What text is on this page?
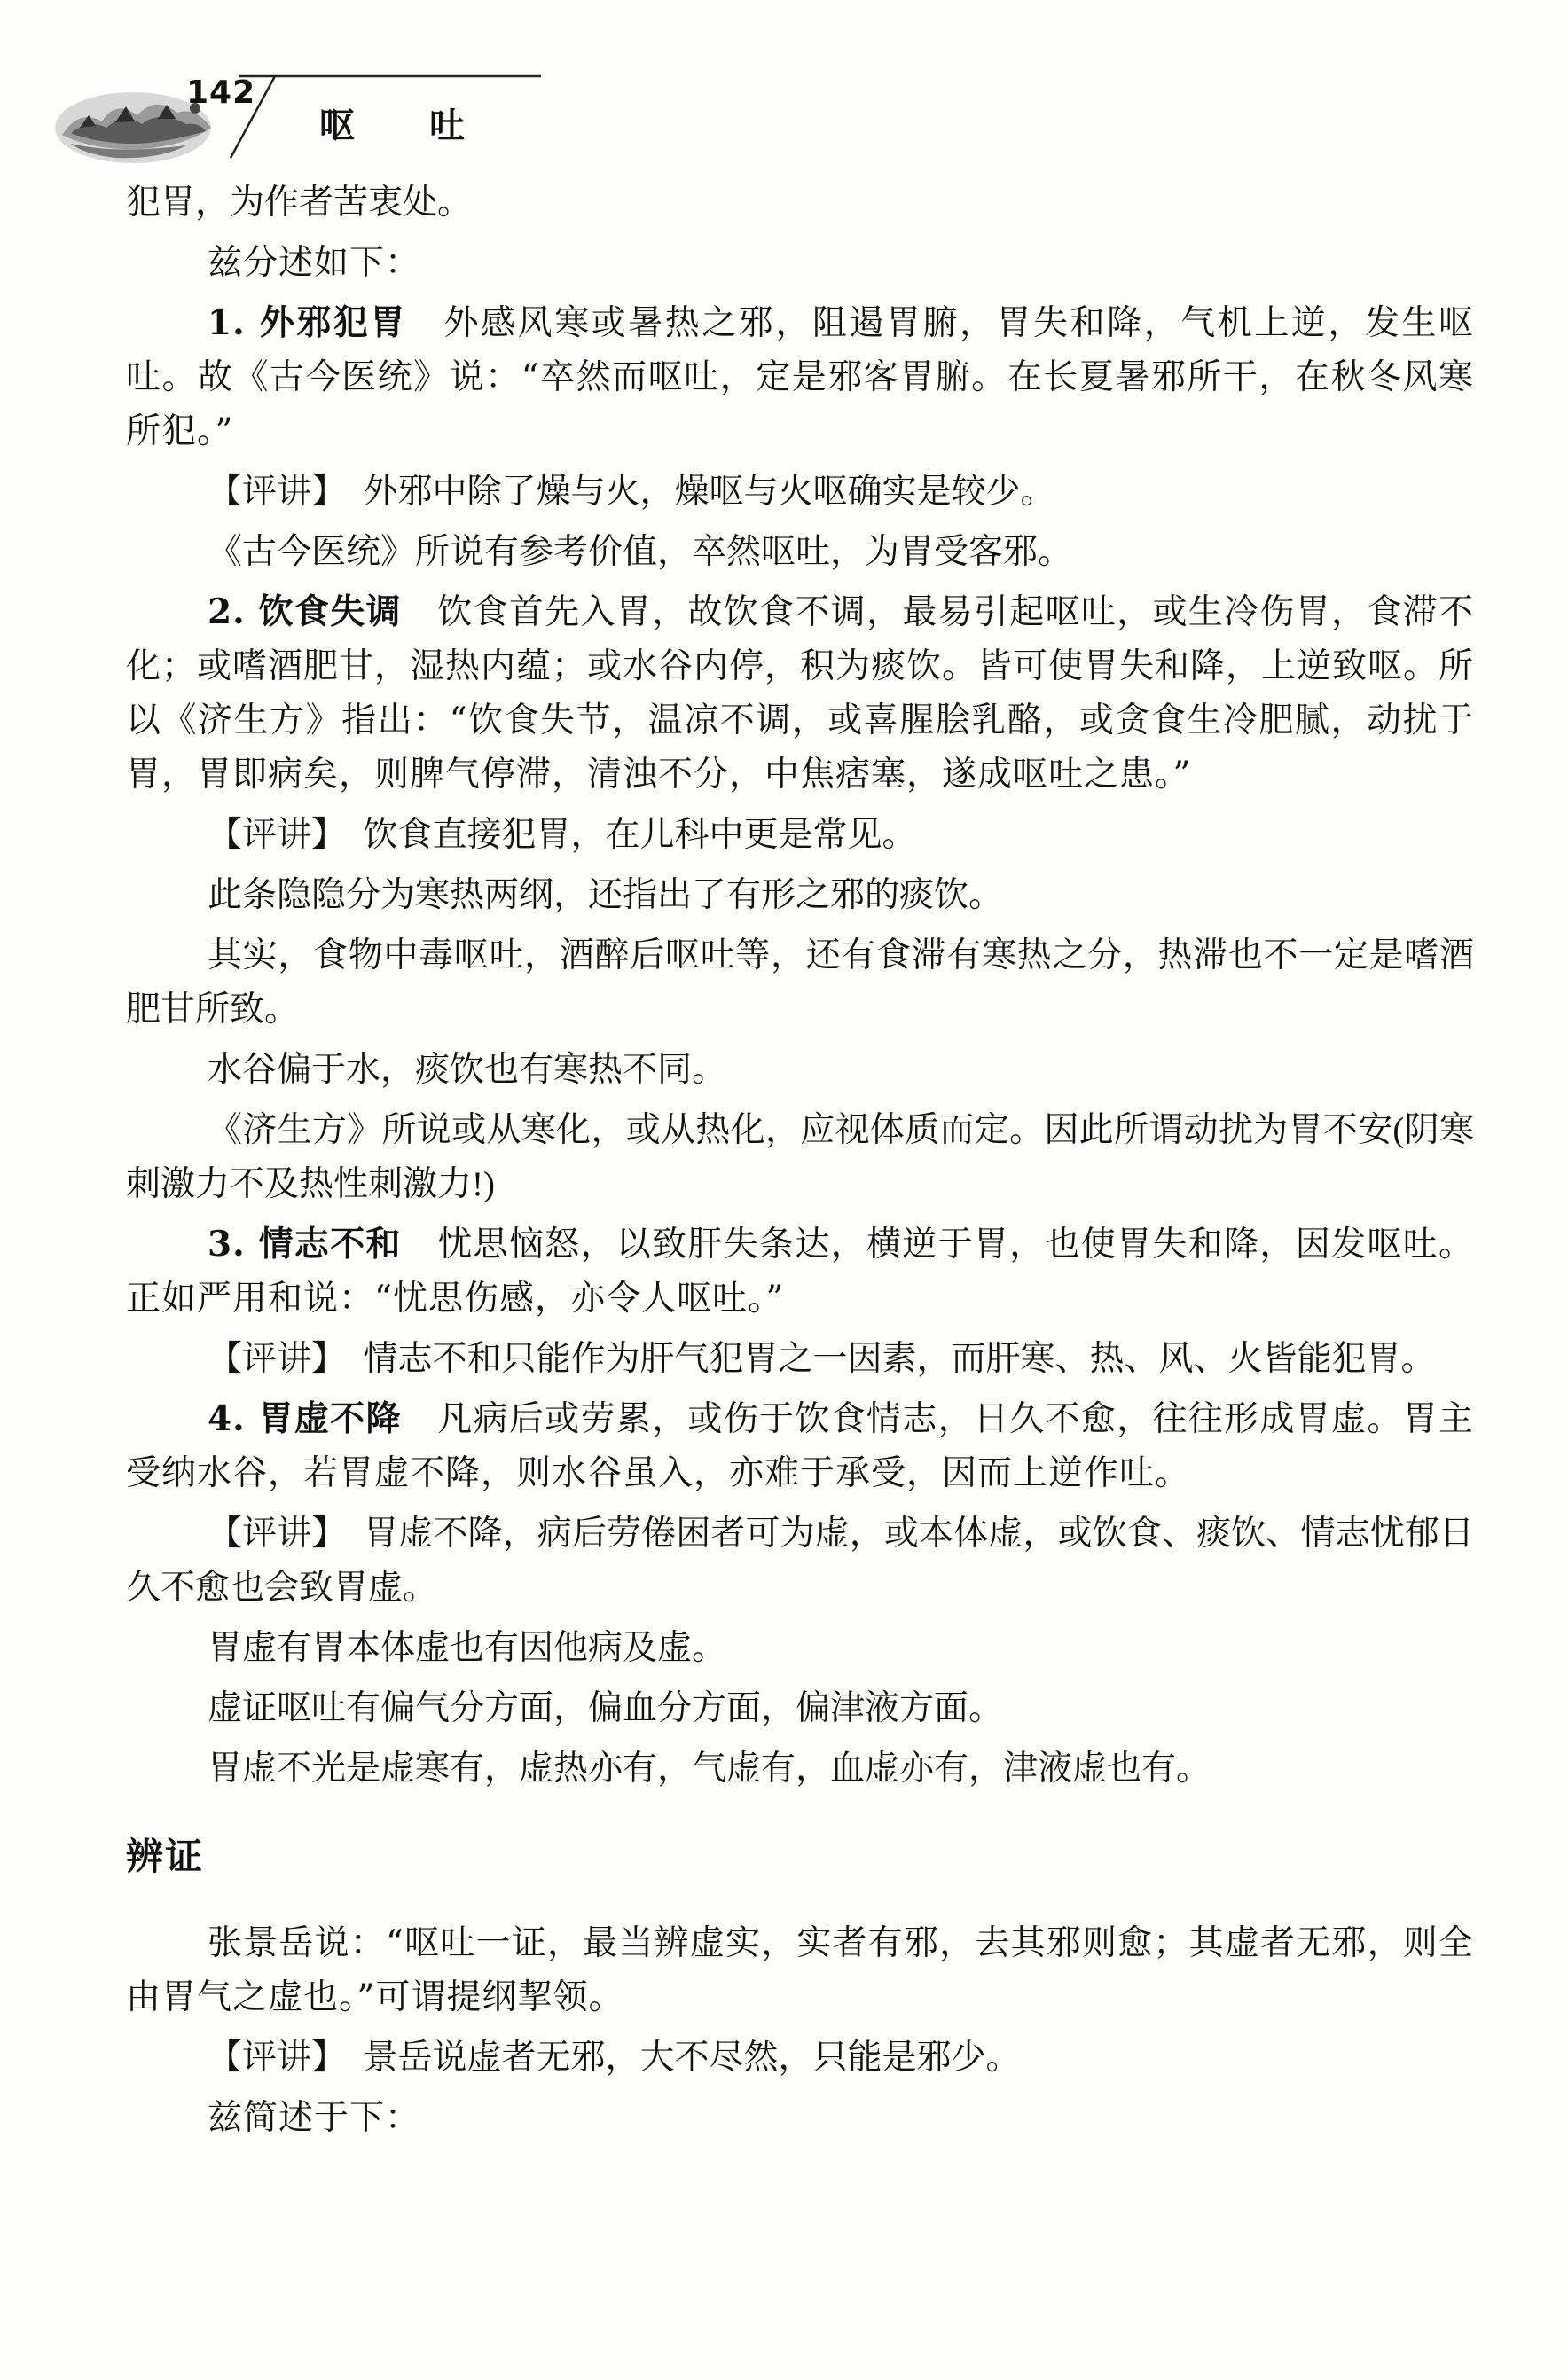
142
呕 吐
犯胃，为作者苦衷处。
兹分述如下：
1. 外邪犯胃　外感风寒或暑热之邪，阻遏胃腑，胃失和降，气机上逆，发生呕吐。故《古今医统》说：“卒然而呕吐，定是邪客胃腑。在长夏暑邪所干，在秋冬风寒所犯。”
【评讲】　外邪中除了燥与火，燥呕与火呕确实是较少。
《古今医统》所说有参考价值，卒然呕吐，为胃受客邪。
2. 饮食失调　饮食首先入胃，故饮食不调，最易引起呕吐，或生冷伤胃，食滞不化；或嗜酒肥甘，湿热内蕴；或水谷内停，积为痰饮。皆可使胃失和降，上逆致呕。所以《济生方》指出：“饮食失节，温凉不调，或喜腥脍乳酪，或贪食生冷肥腻，动扰于胃，胃即病矣，则脾气停滞，清浊不分，中焦痞塞，遂成呕吐之患。”
【评讲】　饮食直接犯胃，在儿科中更是常见。
此条隐隐分为寒热两纲，还指出了有形之邪的痰饮。
其实，食物中毒呕吐，酒醉后呕吐等，还有食滞有寒热之分，热滞也不一定是嗜酒肥甘所致。
水谷偏于水，痰饮也有寒热不同。
《济生方》所说或从寒化，或从热化，应视体质而定。因此所谓动扰为胃不安(阴寒刺激力不及热性刺激力!)
3. 情志不和　忧思恼怒，以致肝失条达，横逆于胃，也使胃失和降，因发呕吐。正如严用和说：“忧思伤感，亦令人呕吐。”
【评讲】　情志不和只能作为肝气犯胃之一因素，而肝寒、热、风、火皆能犯胃。
4. 胃虚不降　凡病后或劳累，或伤于饮食情志，日久不愈，往往形成胃虚。胃主受纳水谷，若胃虚不降，则水谷虽入，亦难于承受，因而上逆作吐。
【评讲】　胃虚不降，病后劳倦困者可为虚，或本体虚，或饮食、痰饮、情志忧郁日久不愈也会致胃虚。
胃虚有胃本体虚也有因他病及虚。
虚证呕吐有偏气分方面，偏血分方面，偏津液方面。
胃虚不光是虚寒有，虚热亦有，气虚有，血虚亦有，津液虚也有。
辨证
张景岳说：“呕吐一证，最当辨虚实，实者有邪，去其邪则愈；其虚者无邪，则全由胃气之虚也。”可谓提纲挈领。
【评讲】　景岳说虚者无邪，大不尽然，只能是邪少。
兹简述于下：
